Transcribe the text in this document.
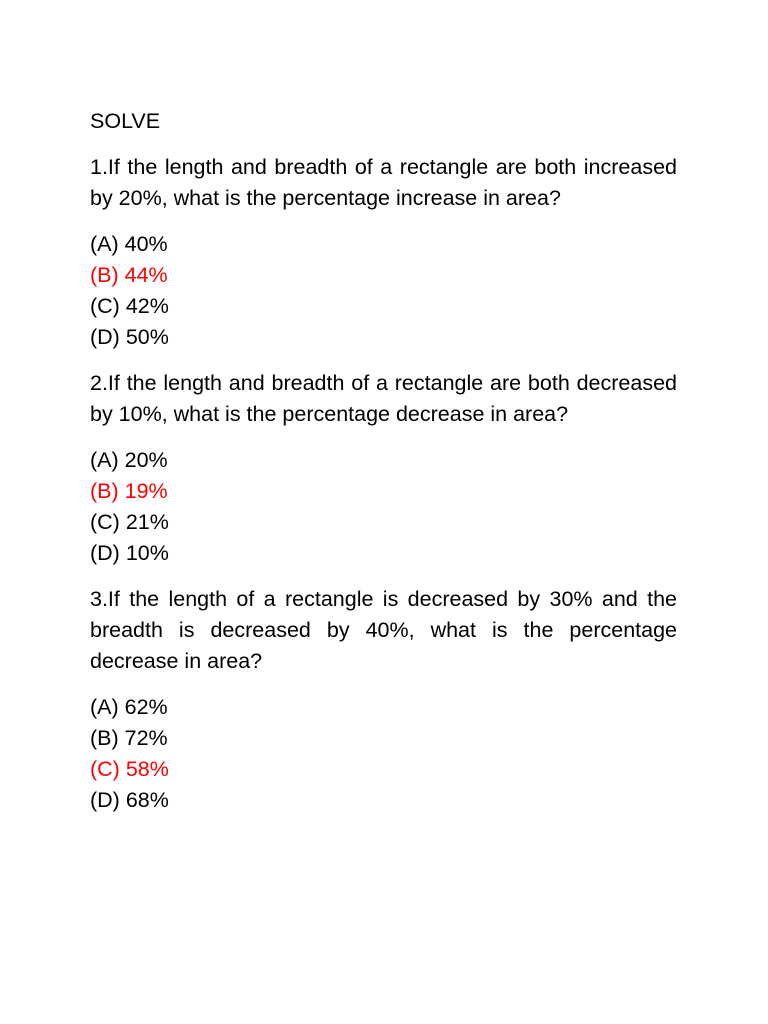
SOLVE
1.If the length and breadth of a rectangle are both increased by 20%, what is the percentage increase in area?
(A) 40%
(B) 44%
(C) 42%
(D) 50%
2.If the length and breadth of a rectangle are both decreased by 10%, what is the percentage decrease in area?
(A) 20%
(B) 19%
(C) 21%
(D) 10%
3.If the length of a rectangle is decreased by 30% and the breadth is decreased by 40%, what is the percentage decrease in area?
(A) 62%
(B) 72%
(C) 58%
(D) 68%
